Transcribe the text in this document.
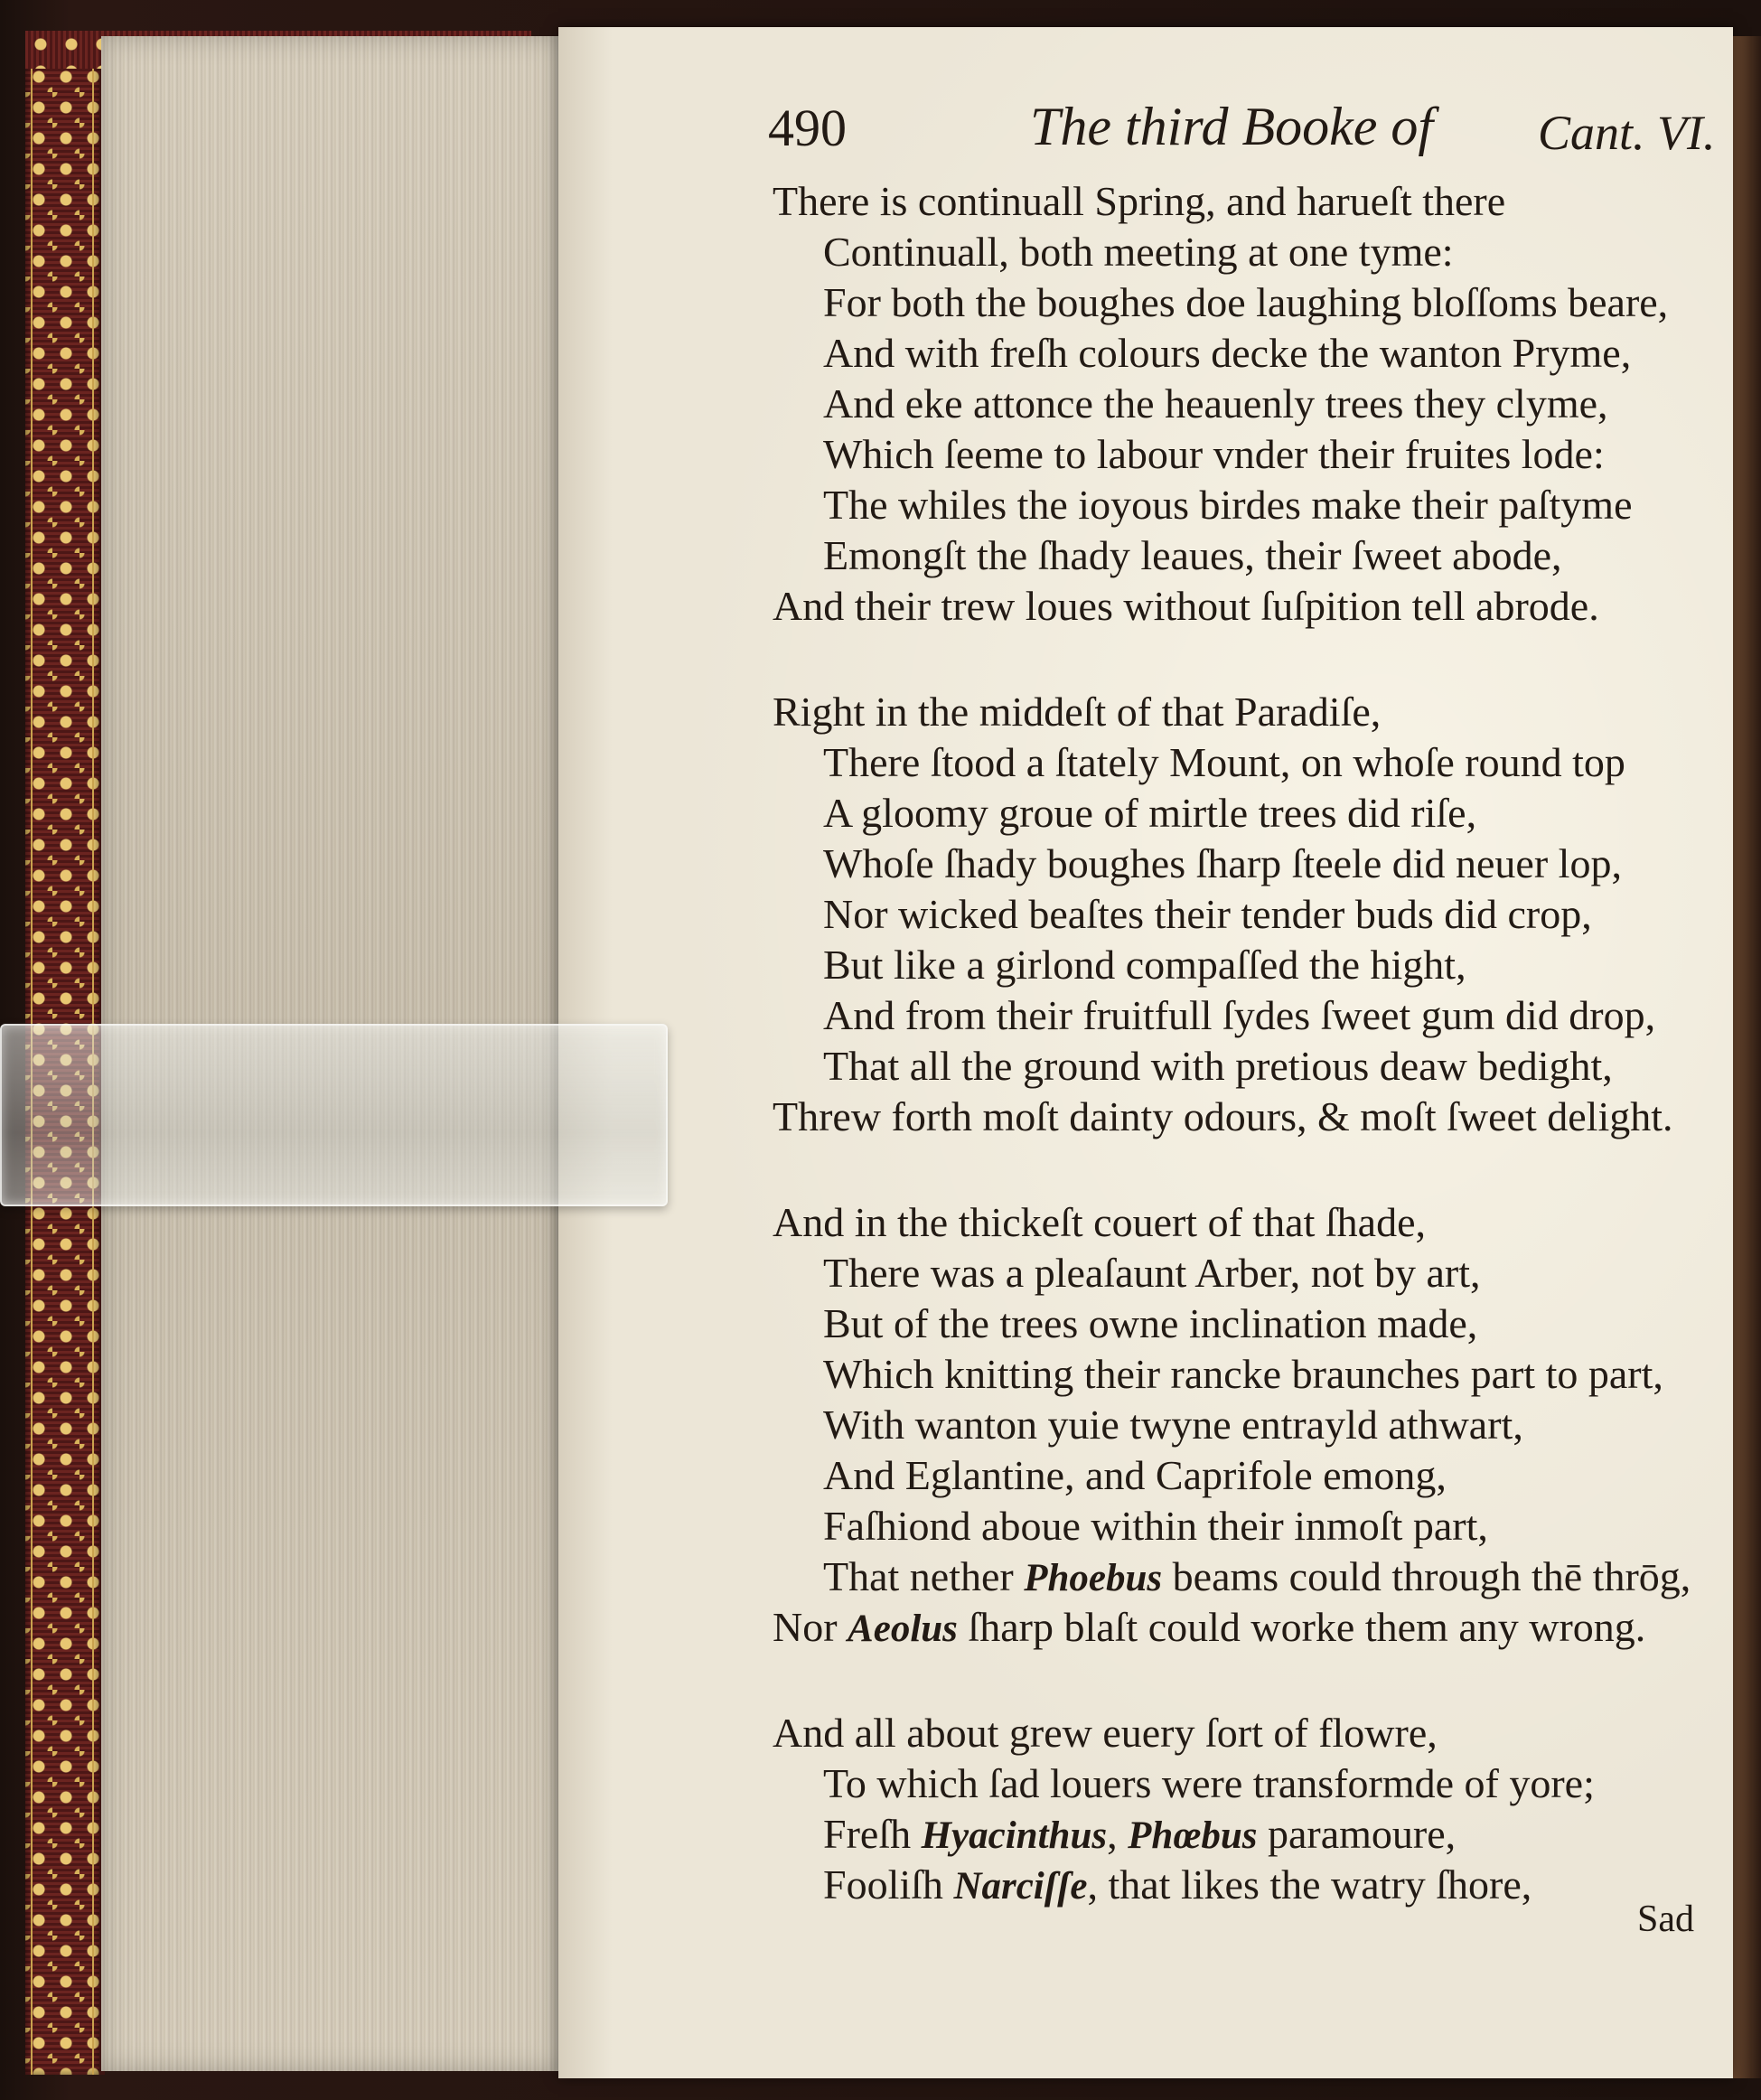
490	The third Booke of Cant. VI.
There is continuall Spring, and harueſt there
Continuall, both meeting at one tyme:
For both the boughes doe laughing bloſſoms beare,
And with freſh colours decke the wanton Pryme,
And eke attonce the heauenly trees they clyme,
Which ſeeme to labour vnder their fruites lode:
The whiles the ioyous birdes make their paſtyme
Emongſt the ſhady leaues, their ſweet abode,
And their trew loues without ſuſpition tell abrode.
Right in the middeſt of that Paradiſe,
There ſtood a ſtately Mount, on whoſe round top
A gloomy groue of mirtle trees did riſe,
Whoſe ſhady boughes ſharp ſteele did neuer lop,
Nor wicked beaſtes their tender buds did crop,
But like a girlond compaſſed the hight,
And from their fruitfull ſydes ſweet gum did drop,
That all the ground with pretious deaw bedight,
Threw forth moſt dainty odours, & moſt ſweet delight.
And in the thickeſt couert of that ſhade,
There was a pleaſaunt Arber, not by art,
But of the trees owne inclination made,
Which knitting their rancke braunches part to part,
With wanton yuie twyne entrayld athwart,
And Eglantine, and Caprifole emong,
Faſhiond aboue within their inmoſt part,
That nether Phoebus beams could through thē thrōg,
Nor Aeolus ſharp blaſt could worke them any wrong.
And all about grew euery ſort of flowre,
To which ſad louers were transformde of yore;
Freſh Hyacinthus, Phœbus paramoure,
Fooliſh Narciſſe, that likes the watry ſhore,
Sad
